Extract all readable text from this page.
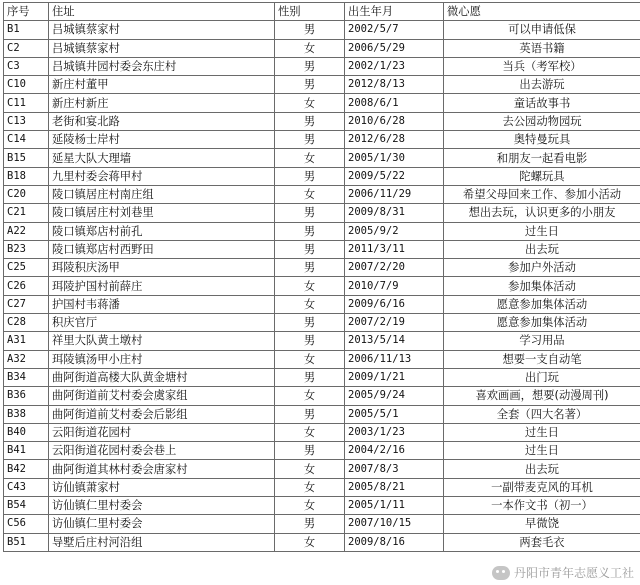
序号	住址	性别	出生年月	微心愿
B1	吕城镇蔡家村	男	2002/5/7	可以申请低保
C2	吕城镇蔡家村	女	2006/5/29	英语书籍
C3	吕城镇井园村委会东庄村	男	2002/1/23	当兵（考军校）
C10	新庄村董甲	男	2012/8/13	出去游玩
C11	新庄村新庄	女	2008/6/1	童话故事书
C13	老街和宴北路	男	2010/6/28	去公园动物园玩
C14	延陵杨士岸村	男	2012/6/28	奥特曼玩具
B15	延星大队大理墙	女	2005/1/30	和朋友一起看电影
B18	九里村委会蒋甲村	男	2009/5/22	陀螺玩具
C20	陵口镇居庄村南庄组	女	2006/11/29	希望父母回来工作、参加小活动
C21	陵口镇居庄村刘巷里	男	2009/8/31	想出去玩，认识更多的小朋友
A22	陵口镇郑店村前孔	男	2005/9/2	过生日
B23	陵口镇郑店村西野田	男	2011/3/11	出去玩
C25	珥陵积庆汤甲	男	2007/2/20	参加户外活动
C26	珥陵护国村前薛庄	女	2010/7/9	参加集体活动
C27	护国村韦蒋潘	女	2009/6/16	愿意参加集体活动
C28	积庆官厅	男	2007/2/19	愿意参加集体活动
A31	祥里大队黄土墩村	男	2013/5/14	学习用品
A32	珥陵镇汤甲小庄村	女	2006/11/13	想要一支自动笔
B34	曲阿街道高楼大队黄金塘村	男	2009/1/21	出门玩
B36	曲阿街道前艾村委会虞家组	女	2005/9/24	喜欢画画，想要(动漫周刊)
B38	曲阿街道前艾村委会后影组	男	2005/5/1	全套（四大名著）
B40	云阳街道花园村	女	2003/1/23	过生日
B41	云阳街道花园村委会巷上	男	2004/2/16	过生日
B42	曲阿街道其林村委会唐家村	女	2007/8/3	出去玩
C43	访仙镇萧家村	女	2005/8/21	一副带麦克风的耳机
B54	访仙镇仁里村委会	女	2005/1/11	一本作文书（初一）
C56	访仙镇仁里村委会	男	2007/10/15	早微饶
B51	导墅后庄村河沿组	女	2009/8/16	两套毛衣
丹阳市青年志愿义工社
